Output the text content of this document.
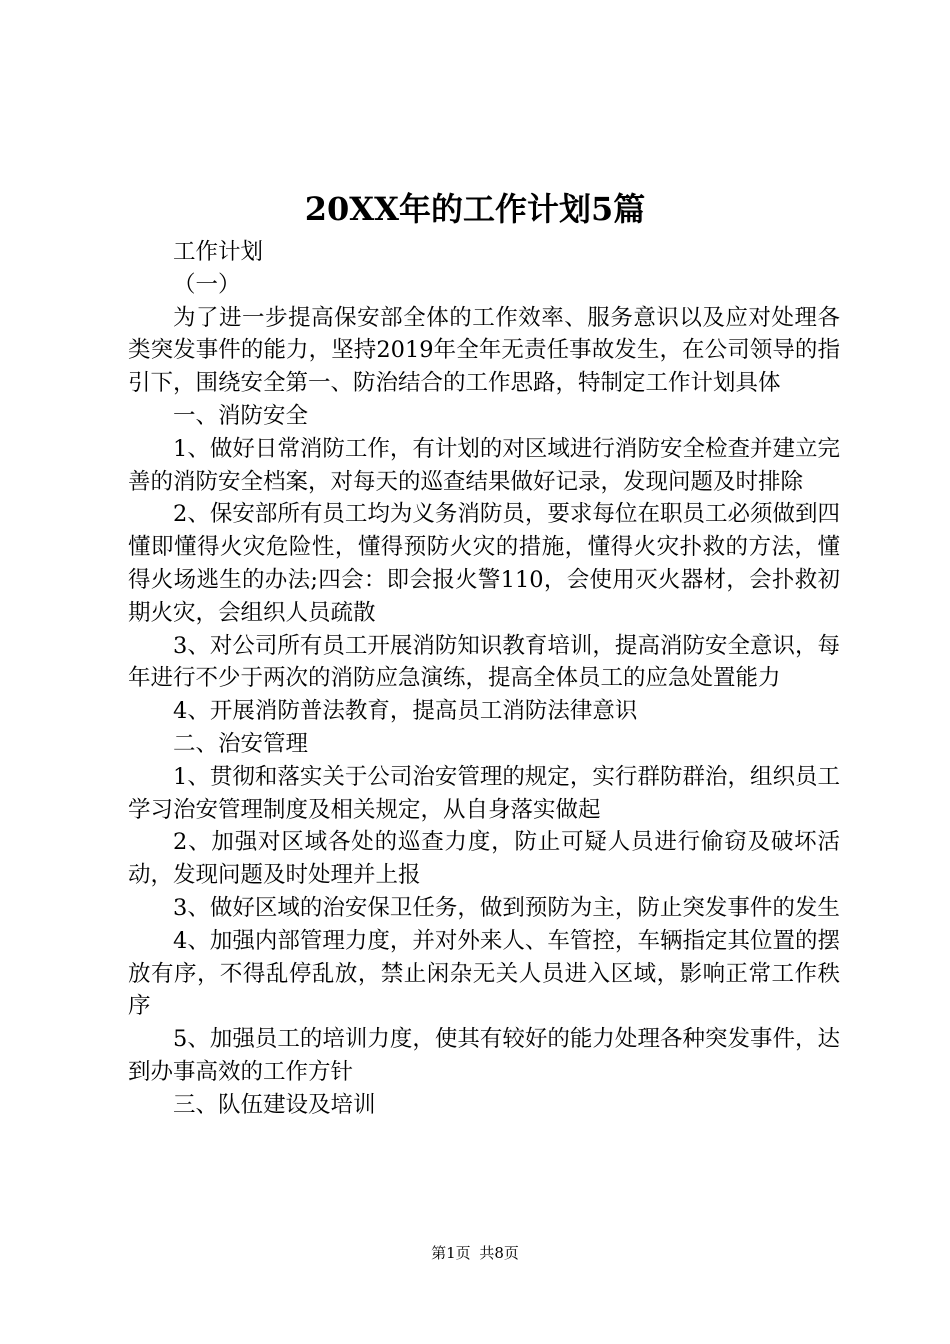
20XX年的工作计划5篇

工作计划

（一）

为了进一步提高保安部全体的工作效率、服务意识以及应对处理各类突发事件的能力，坚持2019年全年无责任事故发生，在公司领导的指引下，围绕安全第一、防治结合的工作思路，特制定工作计划具体

一、消防安全

1、做好日常消防工作，有计划的对区域进行消防安全检查并建立完善的消防安全档案，对每天的巡查结果做好记录，发现问题及时排除

2、保安部所有员工均为义务消防员，要求每位在职员工必须做到四懂即懂得火灾危险性，懂得预防火灾的措施，懂得火灾扑救的方法，懂得火场逃生的办法;四会：即会报火警110，会使用灭火器材，会扑救初期火灾，会组织人员疏散

3、对公司所有员工开展消防知识教育培训，提高消防安全意识，每年进行不少于两次的消防应急演练，提高全体员工的应急处置能力

4、开展消防普法教育，提高员工消防法律意识

二、治安管理

1、贯彻和落实关于公司治安管理的规定，实行群防群治，组织员工学习治安管理制度及相关规定，从自身落实做起

2、加强对区域各处的巡查力度，防止可疑人员进行偷窃及破坏活动，发现问题及时处理并上报

3、做好区域的治安保卫任务，做到预防为主，防止突发事件的发生

4、加强内部管理力度，并对外来人、车管控，车辆指定其位置的摆放有序，不得乱停乱放，禁止闲杂无关人员进入区域，影响正常工作秩序

5、加强员工的培训力度，使其有较好的能力处理各种突发事件，达到办事高效的工作方针

三、队伍建设及培训

第1页 共8页
